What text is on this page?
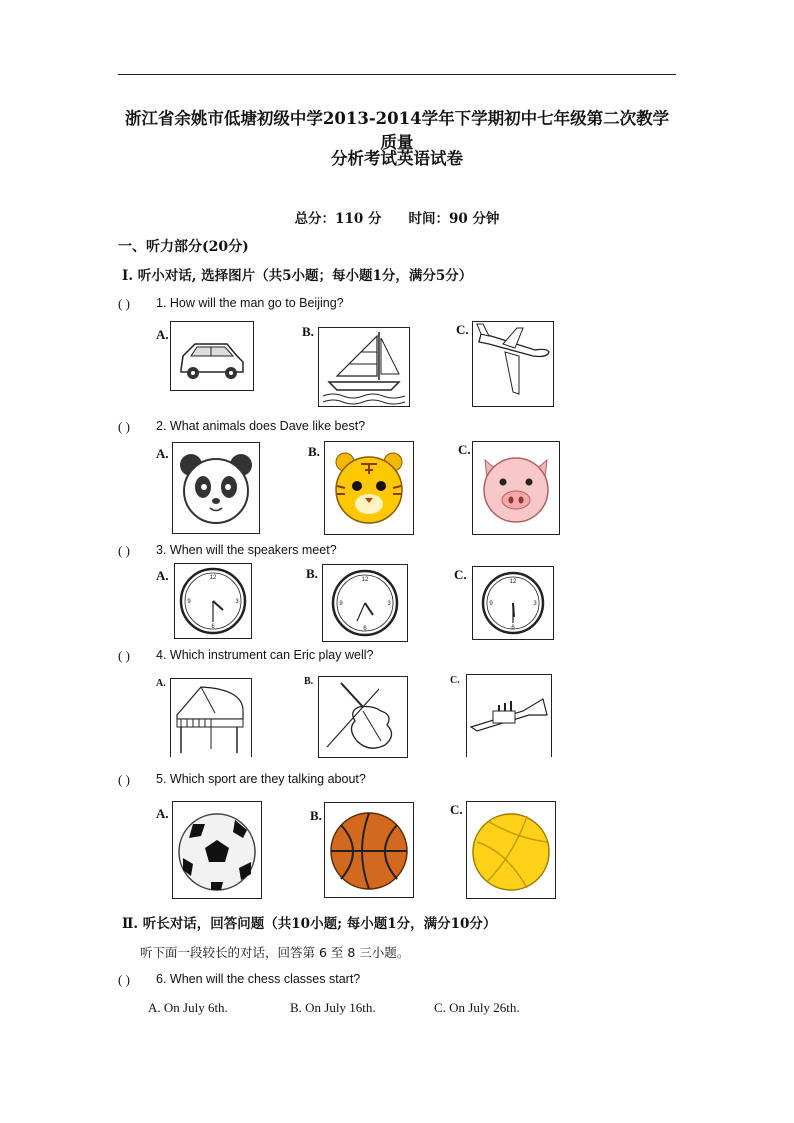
浙江省余姚市低塘初级中学2013-2014学年下学期初中七年级第二次教学质量
分析考试英语试卷
总分：110 分　　时间：90 分钟
一、听力部分(20分)
Ⅰ. 听小对话, 选择图片（共5小题；每小题1分，满分5分）
( ) 1. How will the man go to Beijing?
A.	B.	C.
( ) 2. What animals does Dave like best?
A.	B.	C.
( ) 3. When will the speakers meet?
A.	12
6
9	3
B.	12
6
9	3
C.	12
6
9	3
( ) 4. Which instrument can Eric play well?
A.	B.	C.
( ) 5. Which sport are they talking about?
A.	B.	C.
Ⅱ. 听长对话，回答问题（共10小题; 每小题1分，满分10分）
听下面一段较长的对话，回答第 6 至 8 三小题。
( ) 6. When will the chess classes start?
A. On July 6th.	B. On July 16th.	C. On July 26th.
